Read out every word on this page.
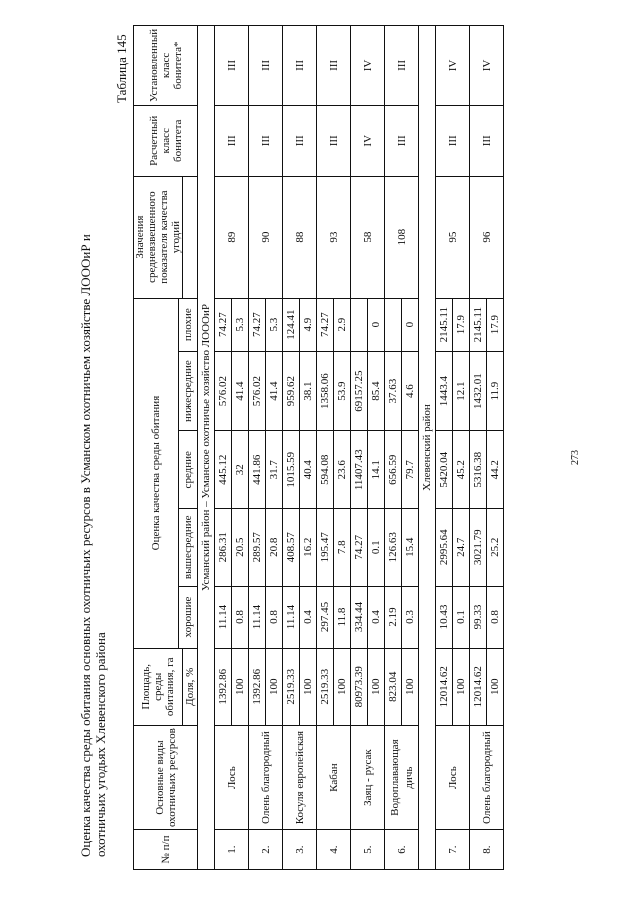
Оценка качества среды обитания основных охотничьих ресурсов в Усманском охотничьем хозяйстве ЛОООиР и охотничьих угодьях Хлевенского района
Таблица 145
№ п/п	Основные виды охотничьих ресурсов	Площадь, среды обитания, га	Оценка качества среды обитания					Значения средневзвешенного показателя качества угодий	Расчетный класс бонитета	Установленный класс бонитета*
			хорошие	вышесредние	средние	нижесредние	плохие			
		Доля, %								
Усманский район – Усманское охотничье хозяйство ЛОООиР										
1.	Лось	1392.86	11.14	286.31	445.12	576.02	74.27	89	III	III
		100	0.8	20.5	32	41.4	5.3			
2.	Олень благородный	1392.86	11.14	289.57	441.86	576.02	74.27	90	III	III
		100	0.8	20.8	31.7	41.4	5.3			
3.	Косуля европейская	2519.33	11.14	408.57	1015.59	959.62	124.41	88	III	III
		100	0.4	16.2	40.4	38.1	4.9			
4.	Кабан	2519.33	297.45	195.47	594.08	1358.06	74.27	93	III	III
		100	11.8	7.8	23.6	53.9	2.9			
5.	Заяц - русак	80973.39	334.44	74.27	11407.43	69157.25		58	IV	IV
		100	0.4	0.1	14.1	85.4	0			
6.	Водоплавающая дичь	823.04	2.19	126.63	656.59	37.63		108	III	III
		100	0.3	15.4	79.7	4.6	0			
Хлевенский район										
7.	Лось	12014.62	10.43	2995.64	5420.04	1443.4	2145.11	95	III	IV
		100	0.1	24.7	45.2	12.1	17.9			
8.	Олень благородный	12014.62	99.33	3021.79	5316.38	1432.01	2145.11	96	III	IV
		100	0.8	25.2	44.2	11.9	17.9			
273
